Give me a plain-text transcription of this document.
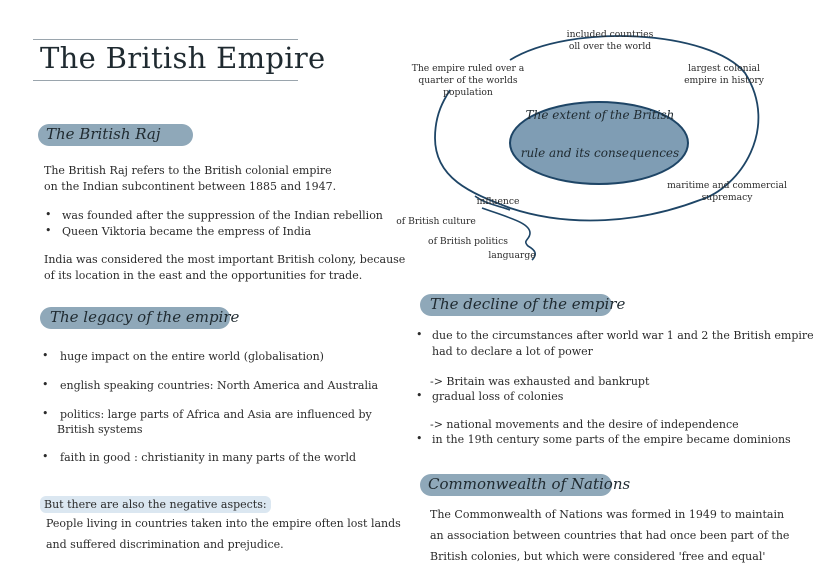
The British Empire
The British Raj
The British Raj refers to the British colonial empire
on the Indian subcontinent between 1885 and 1947.
• was founded after the suppression of the Indian rebellion
• Queen Viktoria became the empress of India
India was considered the most important British colony, because
of its location in the east and the opportunities for trade.
The legacy of the empire
• huge impact on the entire world (globalisation)
• english speaking countries: North America and Australia
• politics: large parts of Africa and Asia are influenced by
British systems
• faith in good : christianity in many parts of the world
But there are also the negative aspects:
People living in countries taken into the empire often lost lands
and suffered discrimination and prejudice.
The extent of the British
rule and its consequences
included countries
oll over the world
The empire ruled over a
quarter of the worlds
population
largest colonial
empire in history
maritime and commercial
supremacy
influence
of British culture
of British politics
languarge
The decline of the empire
• due to the circumstances after world war 1 and 2 the British empire
had to declare a lot of power
-> Britain was exhausted and bankrupt
• gradual loss of colonies
-> national movements and the desire of independence
• in the 19th century some parts of the empire became dominions
Commonwealth of Nations
The Commonwealth of Nations was formed in 1949 to maintain
an association between countries that had once been part of the
British colonies, but which were considered 'free and equal'
